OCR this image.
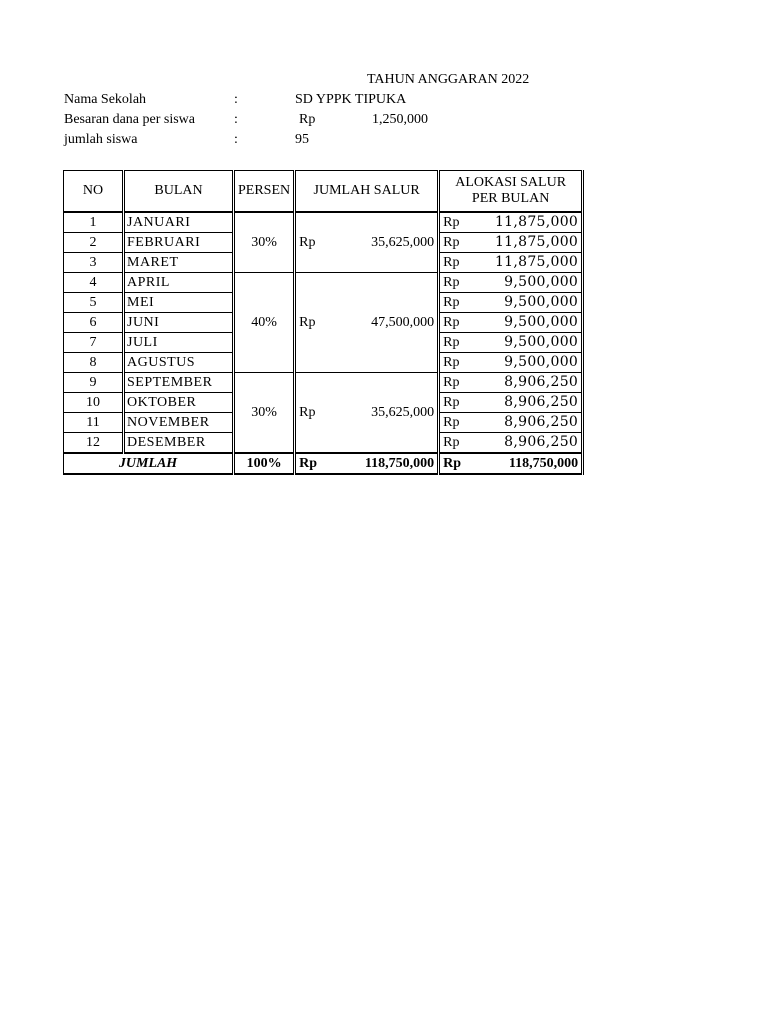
TAHUN ANGGARAN 2022
Nama Sekolah	:	SD YPPK TIPUKA
Besaran dana per siswa	:	Rp	1,250,000
jumlah siswa	:	95
NO	BULAN	PERSEN	JUMLAH SALUR		ALOKASI SALUR
PER BULAN	
1	JANUARI	30%	Rp	35,625,000	Rp	11,875,000
2	FEBRUARI				Rp	11,875,000
3	MARET				Rp	11,875,000
4	APRIL	40%	Rp	47,500,000	Rp	9,500,000
5	MEI				Rp	9,500,000
6	JUNI				Rp	9,500,000
7	JULI				Rp	9,500,000
8	AGUSTUS				Rp	9,500,000
9	SEPTEMBER	30%	Rp	35,625,000	Rp	8,906,250
10	OKTOBER				Rp	8,906,250
11	NOVEMBER				Rp	8,906,250
12	DESEMBER				Rp	8,906,250
JUMLAH		100%	Rp	118,750,000	Rp	118,750,000
